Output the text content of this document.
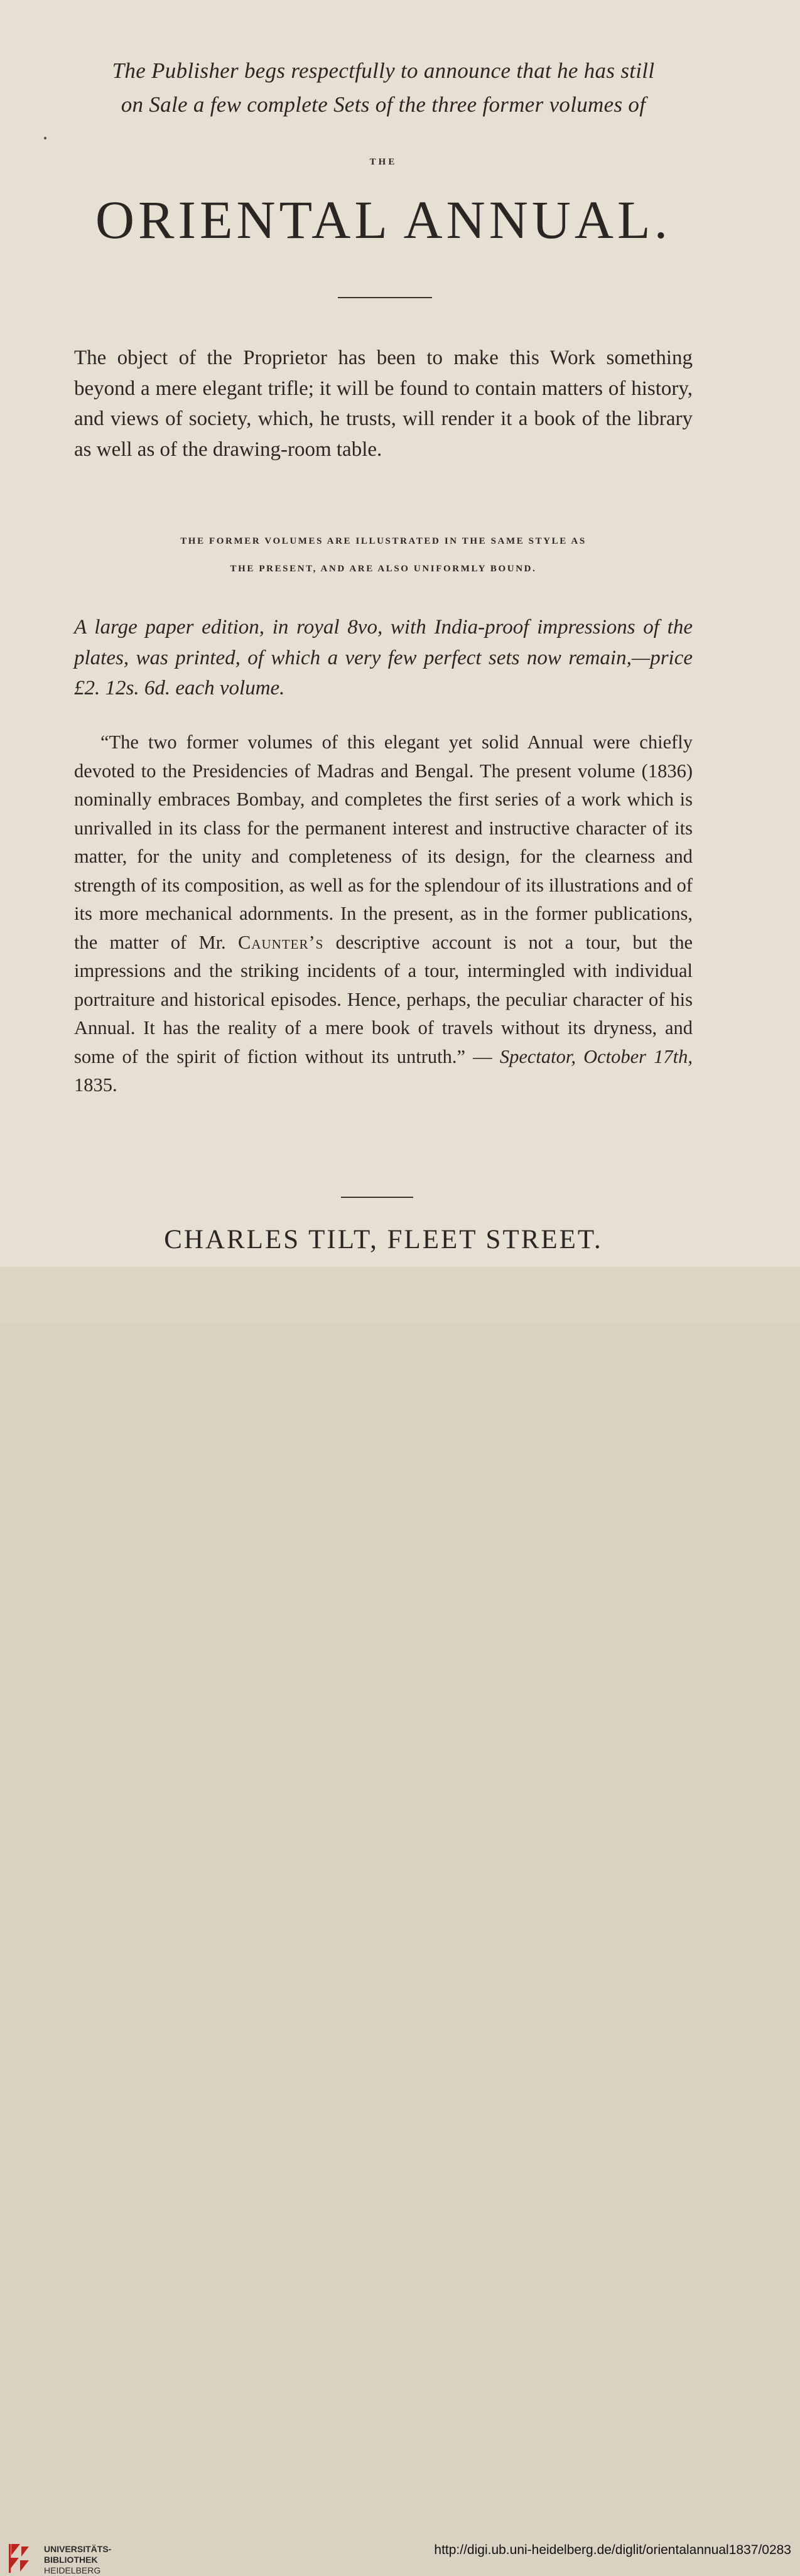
The Publisher begs respectfully to announce that he has still
on Sale a few complete Sets of the three former volumes of
THE
ORIENTAL ANNUAL.
The object of the Proprietor has been to make this Work something beyond a mere elegant trifle; it will be found to contain matters of history, and views of society, which, he trusts, will render it a book of the library as well as of the drawing-room table.
THE FORMER VOLUMES ARE ILLUSTRATED IN THE SAME STYLE AS
THE PRESENT, AND ARE ALSO UNIFORMLY BOUND.
A large paper edition, in royal 8vo, with India-proof impressions of the plates, was printed, of which a very few perfect sets now remain,—price £2. 12s. 6d. each volume.
“The two former volumes of this elegant yet solid Annual were chiefly devoted to the Presidencies of Madras and Bengal. The present volume (1836) nominally embraces Bombay, and completes the first series of a work which is unrivalled in its class for the permanent interest and instructive character of its matter, for the unity and completeness of its design, for the clearness and strength of its composition, as well as for the splendour of its illustrations and of its more mechanical adornments. In the present, as in the former publications, the matter of Mr. Caunter’s descriptive account is not a tour, but the impressions and the striking incidents of a tour, intermingled with individual portraiture and historical episodes. Hence, perhaps, the peculiar character of his Annual. It has the reality of a mere book of travels without its dryness, and some of the spirit of fiction without its untruth.” — Spectator, October 17th, 1835.
CHARLES TILT, FLEET STREET.
UNIVERSITÄTS-
BIBLIOTHEK
HEIDELBERG
http://digi.ub.uni-heidelberg.de/diglit/orientalannual1837/0283
